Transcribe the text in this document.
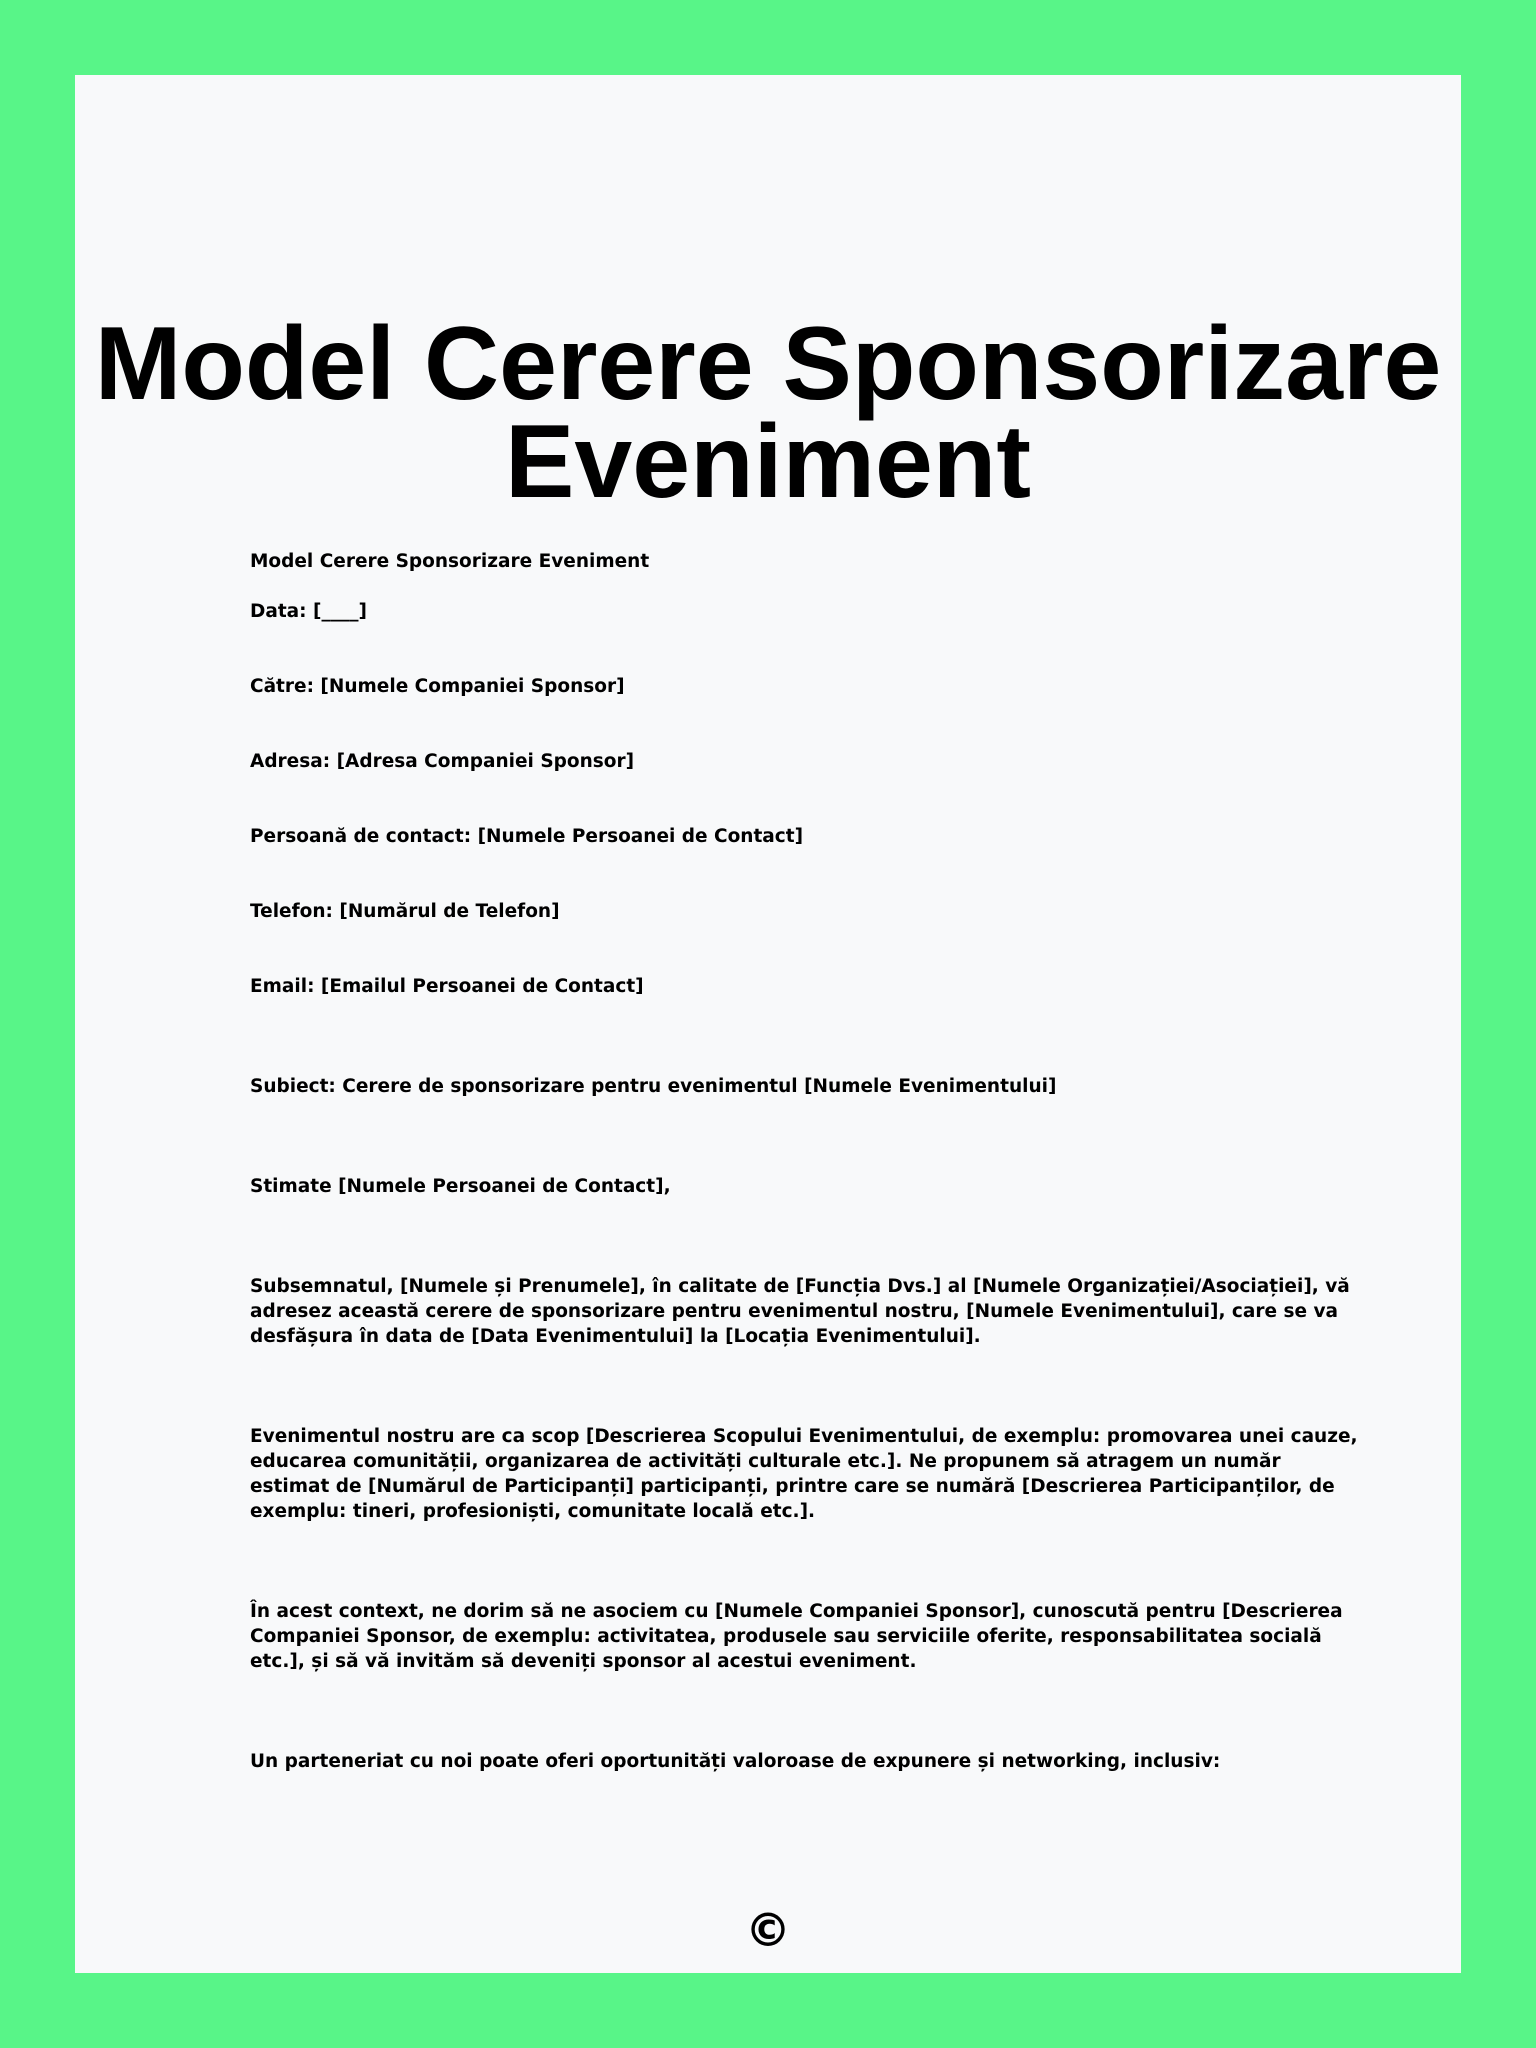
Model Cerere Sponsorizare Eveniment

Model Cerere Sponsorizare Eveniment

Data: [____]

Către: [Numele Companiei Sponsor]

Adresa: [Adresa Companiei Sponsor]

Persoană de contact: [Numele Persoanei de Contact]

Telefon: [Numărul de Telefon]

Email: [Emailul Persoanei de Contact]

Subiect: Cerere de sponsorizare pentru evenimentul [Numele Evenimentului]

Stimate [Numele Persoanei de Contact],

Subsemnatul, [Numele și Prenumele], în calitate de [Funcția Dvs.] al [Numele Organizației/Asociației], vă adresez această cerere de sponsorizare pentru evenimentul nostru, [Numele Evenimentului], care se va desfășura în data de [Data Evenimentului] la [Locația Evenimentului].

Evenimentul nostru are ca scop [Descrierea Scopului Evenimentului, de exemplu: promovarea unei cauze, educarea comunității, organizarea de activități culturale etc.]. Ne propunem să atragem un număr estimat de [Numărul de Participanți] participanți, printre care se numără [Descrierea Participanților, de exemplu: tineri, profesioniști, comunitate locală etc.].

În acest context, ne dorim să ne asociem cu [Numele Companiei Sponsor], cunoscută pentru [Descrierea Companiei Sponsor, de exemplu: activitatea, produsele sau serviciile oferite, responsabilitatea socială etc.], și să vă invităm să deveniți sponsor al acestui eveniment.

Un parteneriat cu noi poate oferi oportunități valoroase de expunere și networking, inclusiv:

©
